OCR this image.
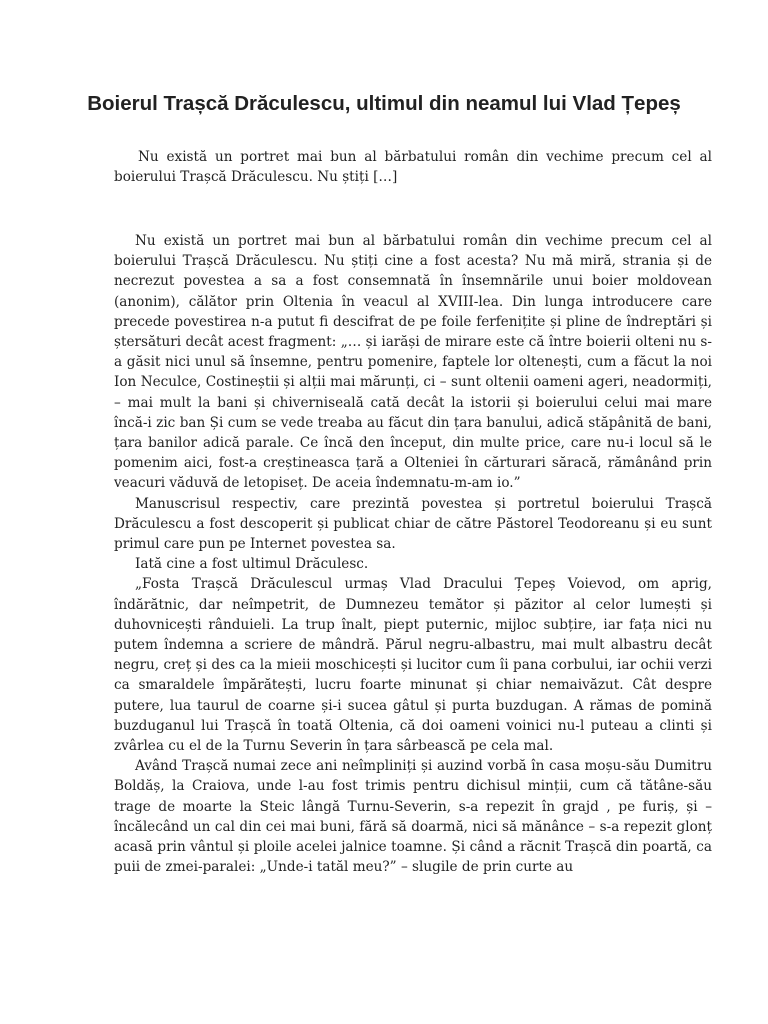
Boierul Trașcă Drăculescu, ultimul din neamul lui Vlad Țepeș

Nu există un portret mai bun al bărbatului român din vechime precum cel al boierului Trașcă Drăculescu. Nu știți […]

Nu există un portret mai bun al bărbatului român din vechime precum cel al boierului Trașcă Drăculescu. Nu știți cine a fost acesta? Nu mă miră, strania și de necrezut povestea a sa a fost consemnată în însemnările unui boier moldovean (anonim), călător prin Oltenia în veacul al XVIII-lea. Din lunga introducere care precede povestirea n-a putut fi descifrat de pe foile ferfenițite și pline de îndreptări și ștersături decât acest fragment: „… și iarăși de mirare este că între boierii olteni nu s-a găsit nici unul să însemne, pentru pomenire, faptele lor oltenești, cum a făcut la noi Ion Neculce, Costineștii și alții mai mărunți, ci – sunt oltenii oameni ageri, neadormiți, – mai mult la bani și chiverniseală cată decât la istorii și boierului celui mai mare încă-i zic ban Și cum se vede treaba au făcut din țara banului, adică stăpânită de bani, țara banilor adică parale. Ce încă den început, din multe price, care nu-i locul să le pomenim aici, fost-a creștineasca țară a Olteniei în cărturari săracă, rămânând prin veacuri văduvă de letopiseț. De aceia îndemnatu-m-am io.”

Manuscrisul respectiv, care prezintă povestea și portretul boierului Trașcă Drăculescu a fost descoperit și publicat chiar de către Păstorel Teodoreanu și eu sunt primul care pun pe Internet povestea sa.

Iată cine a fost ultimul Drăculesc.

„Fosta Trașcă Drăculescul urmaș Vlad Dracului Țepeș Voievod, om aprig, îndărătnic, dar neîmpetrit, de Dumnezeu temător și păzitor al celor lumești și duhovnicești rânduieli. La trup înalt, piept puternic, mijloc subțire, iar fața nici nu putem îndemna a scriere de mândră. Părul negru-albastru, mai mult albastru decât negru, creț și des ca la mieii moschicești și lucitor cum îi pana corbului, iar ochii verzi ca smaraldele împărătești, lucru foarte minunat și chiar nemaivăzut. Cât despre putere, lua taurul de coarne și-i sucea gâtul și purta buzdugan. A rămas de pomină buzduganul lui Trașcă în toată Oltenia, că doi oameni voinici nu-l puteau a clinti și zvârlea cu el de la Turnu Severin în țara sârbească pe cela mal.

Având Trașcă numai zece ani neîmpliniți și auzind vorbă în casa moșu-său Dumitru Boldăș, la Craiova, unde l-au fost trimis pentru dichisul minții, cum că tătâne-său trage de moarte la Steic lângă Turnu-Severin, s-a repezit în grajd , pe furiș, și – încălecând un cal din cei mai buni, fără să doarmă, nici să mănânce – s-a repezit glonț acasă prin vântul și ploile acelei jalnice toamne. Și când a răcnit Trașcă din poartă, ca puii de zmei-paralei: „Unde-i tatăl meu?” – slugile de prin curte au
